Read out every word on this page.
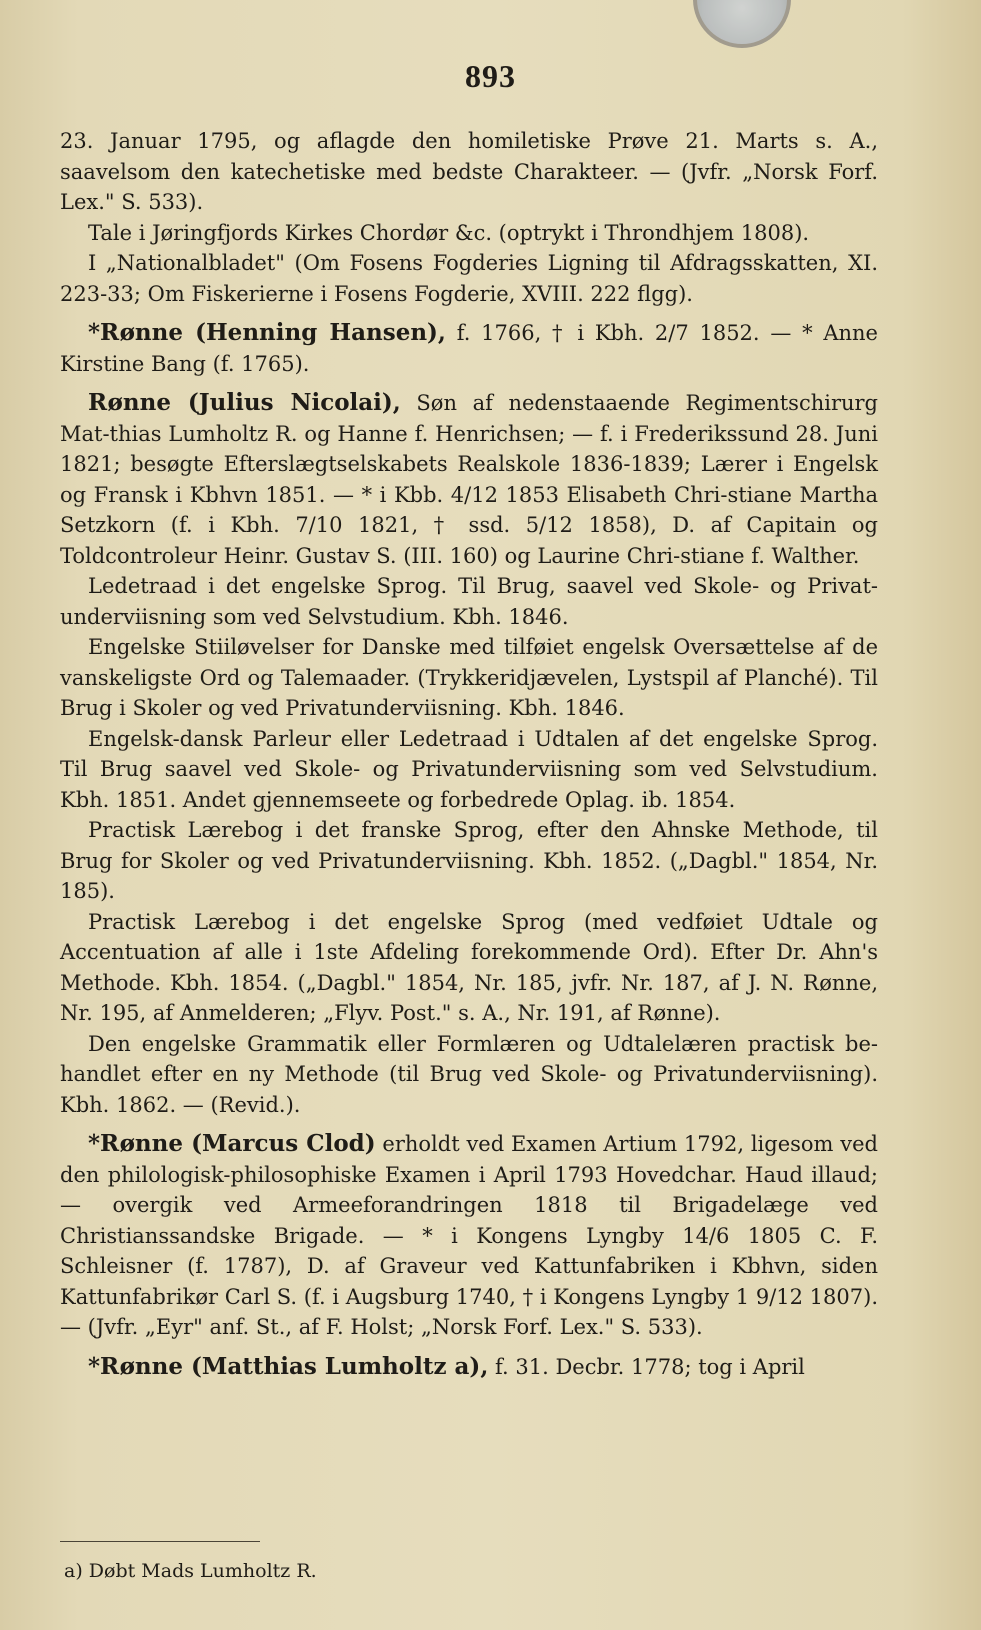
893

23. Januar 1795, og aflagde den homiletiske Prøve 21. Marts s. A., saavelsom den katechetiske med bedste Charakteer. — (Jvfr. „Norsk Forf. Lex." S. 533).

Tale i Jøringfjords Kirkes Chordør &c. (optrykt i Throndhjem 1808).

I „Nationalbladet" (Om Fosens Fogderies Ligning til Afdragsskatten, XI. 223-33; Om Fiskerierne i Fosens Fogderie, XVIII. 222 flgg).

*Rønne (Henning Hansen), f. 1766, † i Kbh. 2/7 1852. — * Anne Kirstine Bang (f. 1765).

Rønne (Julius Nicolai), Søn af nedenstaaende Regimentschirurg Mat-thias Lumholtz R. og Hanne f. Henrichsen; — f. i Frederikssund 28. Juni 1821; besøgte Efterslægtselskabets Realskole 1836-1839; Lærer i Engelsk og Fransk i Kbhvn 1851. — * i Kbb. 4/12 1853 Elisabeth Chri-stiane Martha Setzkorn (f. i Kbh. 7/10 1821, † ssd. 5/12 1858), D. af Capitain og Toldcontroleur Heinr. Gustav S. (III. 160) og Laurine Chri-stiane f. Walther.

Ledetraad i det engelske Sprog. Til Brug, saavel ved Skole- og Privat-underviisning som ved Selvstudium. Kbh. 1846.

Engelske Stiiløvelser for Danske med tilføiet engelsk Oversættelse af de vanskeligste Ord og Talemaader. (Trykkeridjævelen, Lystspil af Planché). Til Brug i Skoler og ved Privatunderviisning. Kbh. 1846.

Engelsk-dansk Parleur eller Ledetraad i Udtalen af det engelske Sprog. Til Brug saavel ved Skole- og Privatunderviisning som ved Selvstudium. Kbh. 1851. Andet gjennemseete og forbedrede Oplag. ib. 1854.

Practisk Lærebog i det franske Sprog, efter den Ahnske Methode, til Brug for Skoler og ved Privatunderviisning. Kbh. 1852. („Dagbl." 1854, Nr. 185).

Practisk Lærebog i det engelske Sprog (med vedføiet Udtale og Accentuation af alle i 1ste Afdeling forekommende Ord). Efter Dr. Ahn's Methode. Kbh. 1854. („Dagbl." 1854, Nr. 185, jvfr. Nr. 187, af J. N. Rønne, Nr. 195, af Anmelderen; „Flyv. Post." s. A., Nr. 191, af Rønne).

Den engelske Grammatik eller Formlæren og Udtalelæren practisk be-handlet efter en ny Methode (til Brug ved Skole- og Privatunderviisning). Kbh. 1862. — (Revid.).

*Rønne (Marcus Clod) erholdt ved Examen Artium 1792, ligesom ved den philologisk-philosophiske Examen i April 1793 Hovedchar. Haud illaud; — overgik ved Armeeforandringen 1818 til Brigadelæge ved Christianssandske Brigade. — * i Kongens Lyngby 14/6 1805 C. F. Schleisner (f. 1787), D. af Graveur ved Kattunfabriken i Kbhvn, siden Kattunfabrikør Carl S. (f. i Augsburg 1740, † i Kongens Lyngby 1 9/12 1807). — (Jvfr. „Eyr" anf. St., af F. Holst; „Norsk Forf. Lex." S. 533).

*Rønne (Matthias Lumholtz a), f. 31. Decbr. 1778; tog i April

a) Døbt Mads Lumholtz R.
